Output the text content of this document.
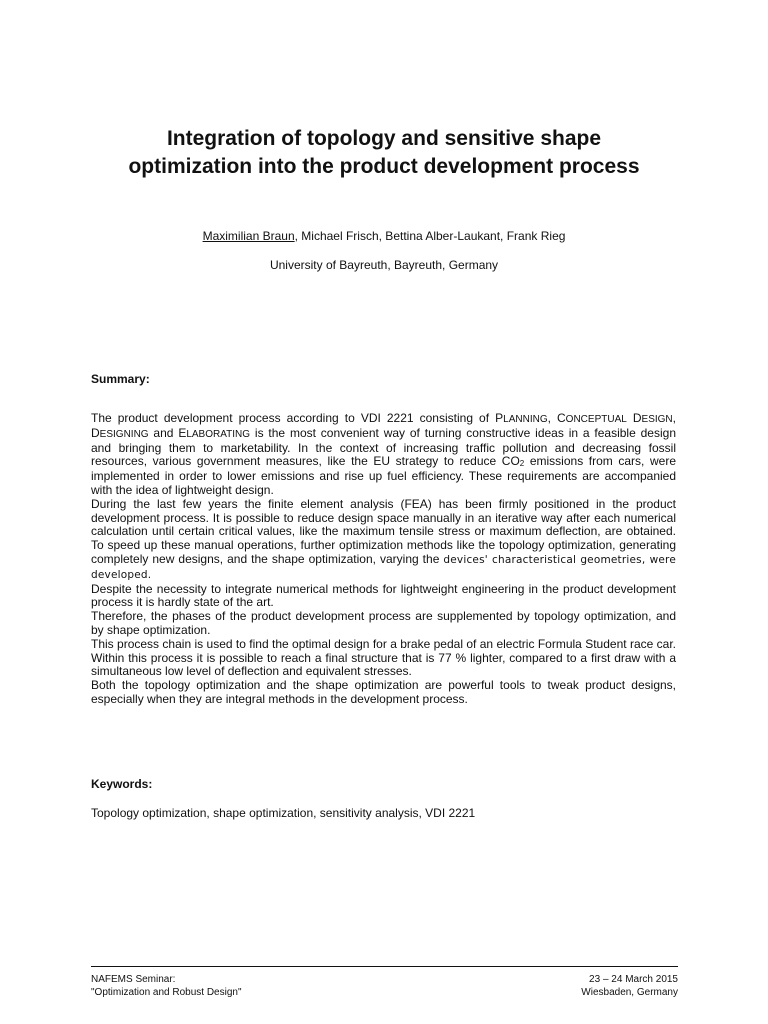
Integration of topology and sensitive shape
optimization into the product development process

Maximilian Braun, Michael Frisch, Bettina Alber-Laukant, Frank Rieg

University of Bayreuth, Bayreuth, Germany

Summary:

The product development process according to VDI 2221 consisting of PLANNING, CONCEPTUAL DESIGN, DESIGNING and ELABORATING is the most convenient way of turning constructive ideas in a feasible design and bringing them to marketability. In the context of increasing traffic pollution and decreasing fossil resources, various government measures, like the EU strategy to reduce $CO_2$ emissions from cars, were implemented in order to lower emissions and rise up fuel efficiency. These requirements are accompanied with the idea of lightweight design.

During the last few years the finite element analysis (FEA) has been firmly positioned in the product development process. It is possible to reduce design space manually in an iterative way after each numerical calculation until certain critical values, like the maximum tensile stress or maximum deflection, are obtained. To speed up these manual operations, further optimization methods like the topology optimization, generating completely new designs, and the shape optimization, varying the devices' characteristical geometries, were developed.

Despite the necessity to integrate numerical methods for lightweight engineering in the product development process it is hardly state of the art.

Therefore, the phases of the product development process are supplemented by topology optimization, and by shape optimization.

This process chain is used to find the optimal design for a brake pedal of an electric Formula Student race car. Within this process it is possible to reach a final structure that is 77 % lighter, compared to a first draw with a simultaneous low level of deflection and equivalent stresses.

Both the topology optimization and the shape optimization are powerful tools to tweak product designs, especially when they are integral methods in the development process.

Keywords:

Topology optimization, shape optimization, sensitivity analysis, VDI 2221

NAFEMS Seminar:
"Optimization and Robust Design"
23 – 24 March 2015
Wiesbaden, Germany
